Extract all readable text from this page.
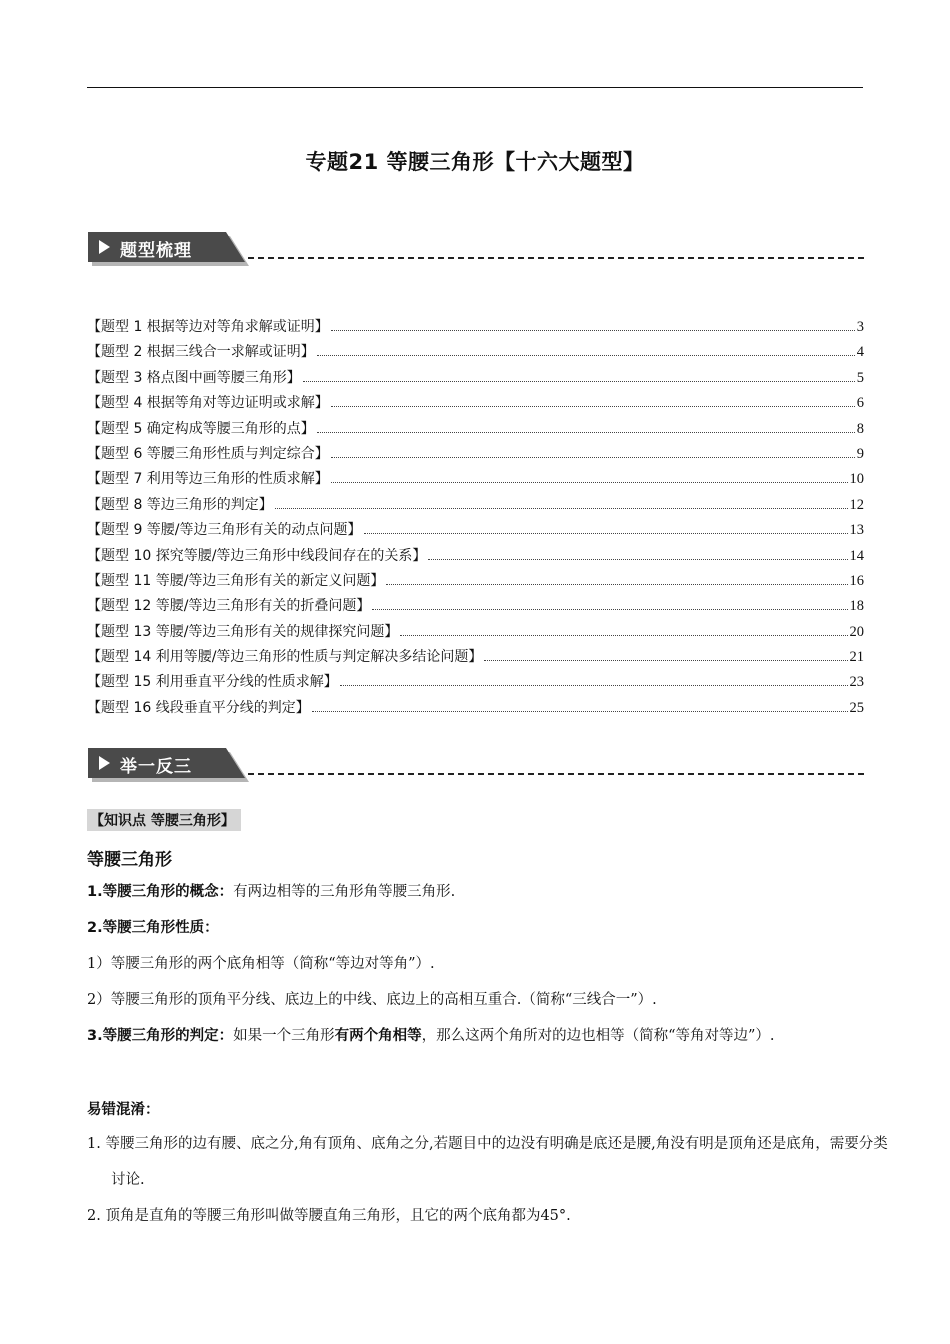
专题21 等腰三角形【十六大题型】
题型梳理
【题型 1 根据等边对等角求解或证明】	3
【题型 2 根据三线合一求解或证明】	4
【题型 3 格点图中画等腰三角形】	5
【题型 4 根据等角对等边证明或求解】	6
【题型 5 确定构成等腰三角形的点】	8
【题型 6 等腰三角形性质与判定综合】	9
【题型 7 利用等边三角形的性质求解】	10
【题型 8 等边三角形的判定】	12
【题型 9 等腰/等边三角形有关的动点问题】	13
【题型 10 探究等腰/等边三角形中线段间存在的关系】	14
【题型 11 等腰/等边三角形有关的新定义问题】	16
【题型 12 等腰/等边三角形有关的折叠问题】	18
【题型 13 等腰/等边三角形有关的规律探究问题】	20
【题型 14 利用等腰/等边三角形的性质与判定解决多结论问题】	21
【题型 15 利用垂直平分线的性质求解】	23
【题型 16 线段垂直平分线的判定】	25
举一反三
【知识点 等腰三角形】
等腰三角形
1.等腰三角形的概念：有两边相等的三角形角等腰三角形.
2.等腰三角形性质：
1）等腰三角形的两个底角相等（简称“等边对等角”）.
2）等腰三角形的顶角平分线、底边上的中线、底边上的高相互重合.（简称“三线合一”）.
3.等腰三角形的判定：如果一个三角形有两个角相等，那么这两个角所对的边也相等（简称“等角对等边”）.
易错混淆：
1. 等腰三角形的边有腰、底之分,角有顶角、底角之分,若题目中的边没有明确是底还是腰,角没有明是顶角还是底角，需要分类讨论.
2. 顶角是直角的等腰三角形叫做等腰直角三角形，且它的两个底角都为45°.
